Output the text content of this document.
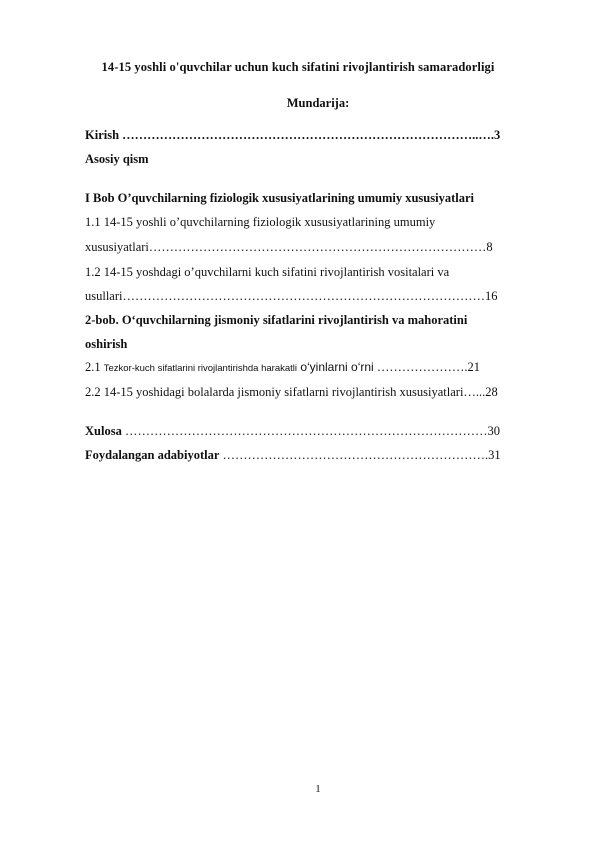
14-15 yoshli o'quvchilar uchun kuch sifatini rivojlantirish samaradorligi
Mundarija:
Kirish …………………………………………………………………………..….3
Asosiy qism
I Bob O’quvchilarning fiziologik xususiyatlarining umumiy xususiyatlari
1.1 14-15 yoshli o’quvchilarning fiziologik xususiyatlarining umumiy
xususiyatlari………………………………………………………………………8
1.2 14-15 yoshdagi o’quvchilarni kuch sifatini rivojlantirish vositalari va
usullari……………………………………………………………………………16
2-bob. O‘quvchilarning jismoniy sifatlarini rivojlantirish va mahoratini
oshirish
2.1 Tezkor-kuch sifatlarini rivojlantirishda harakatli o‘yinlarni o‘rni ………………….21
2.2 14-15 yoshidagi bolalarda jismoniy sifatlarni rivojlantirish xususiyatlari…...28
Xulosa ……………………………………………………………………………30
Foydalangan adabiyotlar ……………………………………………………….31
1
